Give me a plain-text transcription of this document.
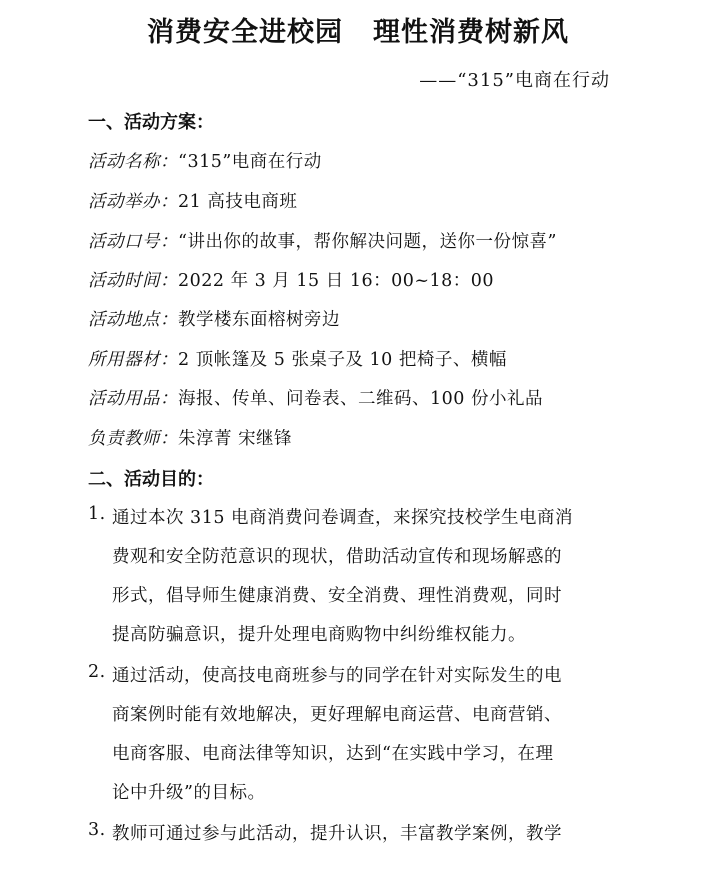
消费安全进校园 理性消费树新风
——“315”电商在行动
一、活动方案：
活动名称：“315”电商在行动
活动举办：21 高技电商班
活动口号：“讲出你的故事，帮你解决问题，送你一份惊喜”
活动时间：2022 年 3 月 15 日 16：00~18：00
活动地点：教学楼东面榕树旁边
所用器材：2 顶帐篷及 5 张桌子及 10 把椅子、横幅
活动用品：海报、传单、问卷表、二维码、100 份小礼品
负责教师：朱淳菁 宋继锋
二、活动目的：
1. 通过本次 315 电商消费问卷调查，来探究技校学生电商消
费观和安全防范意识的现状，借助活动宣传和现场解惑的
形式，倡导师生健康消费、安全消费、理性消费观，同时
提高防骗意识，提升处理电商购物中纠纷维权能力。
2. 通过活动，使高技电商班参与的同学在针对实际发生的电
商案例时能有效地解决，更好理解电商运营、电商营销、
电商客服、电商法律等知识，达到“在实践中学习，在理
论中升级”的目标。
3. 教师可通过参与此活动，提升认识，丰富教学案例，教学
